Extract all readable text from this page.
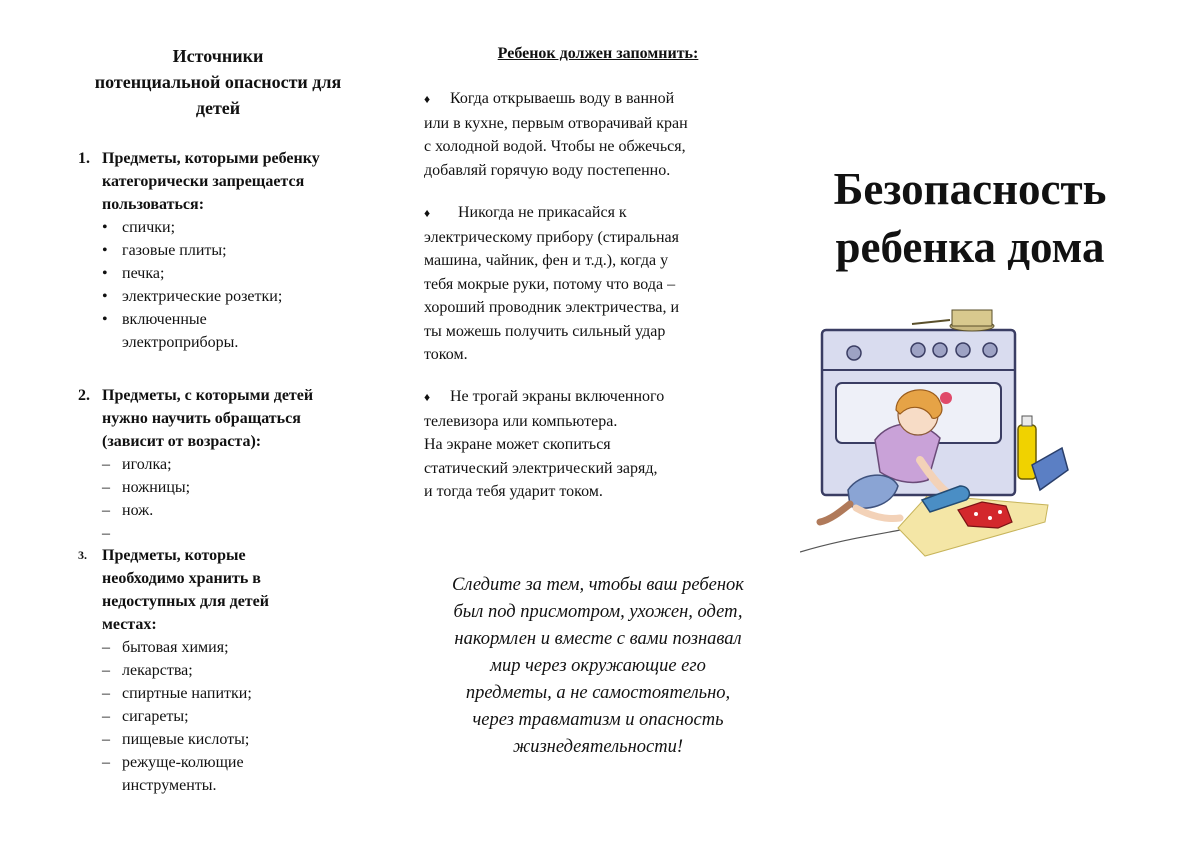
Источники
потенциальной опасности для
детей
1. Предметы, которыми ребенку
категорически запрещается
пользоваться:
• спички;
• газовые плиты;
• печка;
• электрические розетки;
• включенные
электроприборы.
2. Предметы, с которыми детей
нужно научить обращаться
(зависит от возраста):
– иголка;
– ножницы;
– нож.
–
3. Предметы, которые
необходимо хранить в
недоступных для детей
местах:
– бытовая химия;
– лекарства;
– спиртные напитки;
– сигареты;
– пищевые кислоты;
– режуще-колющие
инструменты.
Ребенок должен запомнить:
♦ Когда открываешь воду в ванной
или в кухне, первым отворачивай кран
с холодной водой. Чтобы не обжечься,
добавляй горячую воду постепенно.
♦ Никогда не прикасайся к
электрическому прибору (стиральная
машина, чайник, фен и т.д.), когда у
тебя мокрые руки, потому что вода –
хороший проводник электричества, и
ты можешь получить сильный удар
током.
♦ Не трогай экраны включенного
телевизора или компьютера.
На экране может скопиться
статический электрический заряд,
и тогда тебя ударит током.
Следите за тем, чтобы ваш ребенок
был под присмотром, ухожен, одет,
накормлен и вместе с вами познавал
мир через окружающие его
предметы, а не самостоятельно,
через травматизм и опасность
жизнедеятельности!
Безопасность
ребенка дома
